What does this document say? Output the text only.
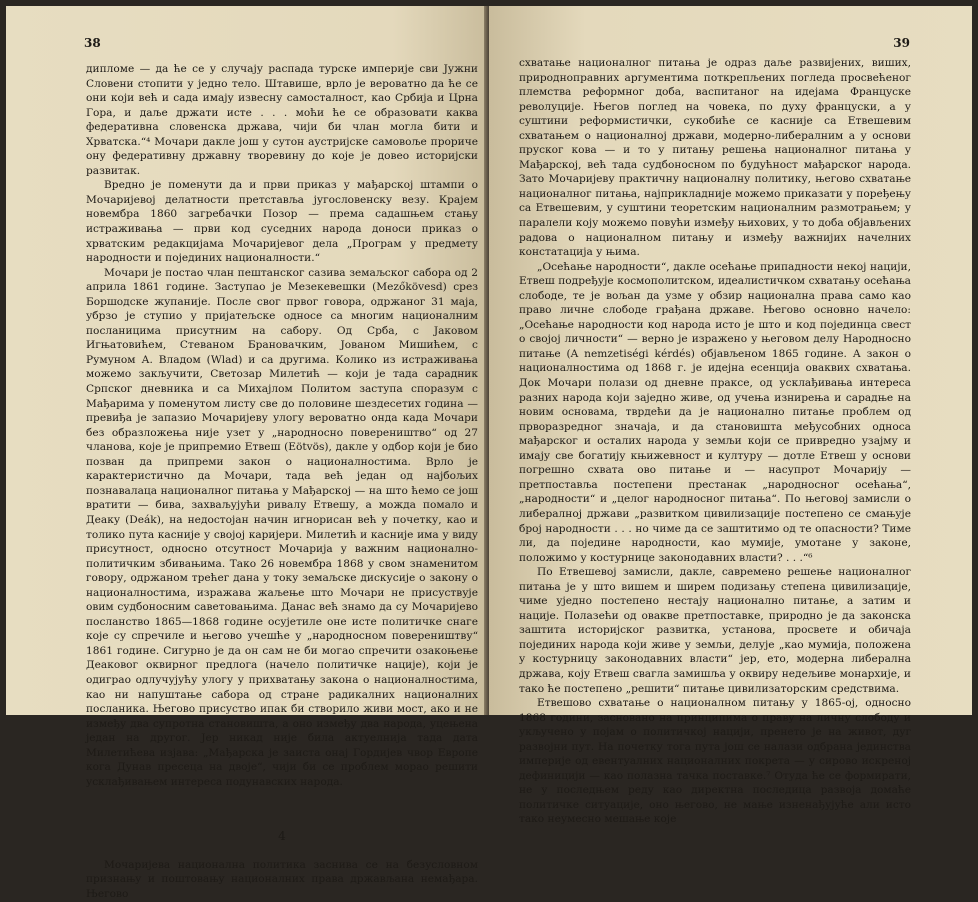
38

дипломе — да ће се у случају распада турске империје сви Јужни Словени стопити у једно тело. Штавише, врло је вероватно да ће се они који већ и сада имају извесну самосталност, као Србија и Црна Гора, и даље држати исте . . . моћи ће се образовати каква федеративна словенска држава, чији би члан могла бити и Хрватска.“⁴ Мочари дакле још у сутон аустријске самовоље прориче ону федеративну државну творевину до које је довео историјски развитак.

Вредно је поменути да и први приказ у мађарској штампи о Мочаријевој делатности претставља југословенску везу. Крајем новембра 1860 загребачки Позор — према садашњем стању истраживања — први код суседних народа доноси приказ о хрватским редакцијама Мочаријевог дела „Програм у предмету народности и појединих националности.“

Мочари је постао члан пештанског сазива земаљског сабора од 2 априла 1861 године. Заступао је Мезекевешки (Mezőkövesd) срез Боршодске жупаније. После свог првог говора, одржаног 31 маја, убрзо је ступио у пријатељске односе са многим националним посланицима присутним на сабору. Од Срба, с Јаковом Игњатовићем, Стеваном Брановачким, Јованом Мишићем, с Румуном А. Владом (Wlad) и са другима. Колико из истраживања можемо закључити, Светозар Милетић — који је тада сарадник Српског дневника и са Михајлом Политом заступа споразум с Мађарима у поменутом листу све до половине шездесетих година — превиђа је запазио Мочаријеву улогу вероватно онда када Мочари без образложења није узет у „народносно повереништво“ од 27 чланова, које је припремио Етвеш (Eötvös), дакле у одбор који је био позван да припреми закон о националностима. Врло је карактеристично да Мочари, тада већ један од најбољих познавалаца националног питања у Мађарској — на што ћемо се још вратити — бива, захваљујући ривалу Етвешу, а можда помало и Деаку (Deák), на недостојан начин игнорисан већ у почетку, као и толико пута касније у својој каријери. Милетић и касније има у виду присутност, односно отсутност Мочарија у важним национално-политичким збивањима. Тако 26 новембра 1868 у свом знаменитом говору, одржаном трећег дана у току земаљске дискусије о закону о националностима, изражава жаљење што Мочари не присуствује овим судбоносним саветовањима. Данас већ знамо да су Мочаријево посланство 1865—1868 године осујетиле оне исте политичке снаге које су спречиле и његово учешће у „народносном повереништву“ 1861 године. Сигурно је да он сам не би могао спречити озакоњење Деаковог оквирног предлога (начело политичке нације), који је одиграо одлучујућу улогу у прихватању закона о националностима, као ни напуштање сабора од стране радикалних националних посланика. Његово присуство ипак би створило живи мост, ако и не између два супротна становишта, а оно између два народа, уцењена један на другог. Јер никад није била актуелнија тада дата Милетићева изјава: „Мађарска је заиста онај Гордијев чвор Европе кога Дунав пресеца на двоје“, чији би се проблем морао решити усклађивањем интереса подунавских народа.

4

Мочаријева национална политика заснива се на безусловном признању и поштовању националних права држављана немађара. Његово

39

схватање националног питања је одраз даље развијених, виших, природноправних аргументима поткрепљених погледа просвећеног племства реформног доба, васпитаног на идејама Француске револуције. Његов поглед на човека, по духу француски, а у суштини реформистички, сукобиће се касније са Етвешевим схватањем о националној држави, модерно-либералним а у основи пруског кова — и то у питању решења националног питања у Мађарској, већ тада судбоносном по будућност мађарског народа. Зато Мочаријеву практичну националну политику, његово схватање националног питања, најприкладније можемо приказати у поређењу са Етвешевим, у суштини теоретским националним размотрањем; у паралели коју можемо повући између њихових, у то доба објављених радова о националном питању и између важнијих начелних констатација у њима.

„Осећање народности“, дакле осећање припадности некој нацији, Етвеш подређује космополитском, идеалистичком схватању осећања слободе, те је вољан да узме у обзир национална права само као право личне слободе грађана државе. Његово основно начело: „Осећање народности код народа исто је што и код појединца свест о својој личности“ — верно је изражено у његовом делу Народносно питање (A nemzetiségi kérdés) објављеном 1865 године. А закон о националностима од 1868 г. је идејна есенција оваквих схватања. Док Мочари полази од дневне праксе, од усклађивања интереса разних народа који заједно живе, од учења изнирења и сарадње на новим основама, тврдећи да је национално питање проблем од прворазредног значаја, и да становишта међусобних односа мађарског и осталих народа у земљи који се привредно узајму и имају све богатију књижевност и културу — дотле Етвеш у основи погрешно схвата ово питање и — насупрот Мочарију — претпоставља постепени престанак „народносног осећања“, „народности“ и „целог народносног питања“. По његовој замисли о либералној држави „развитком цивилизације постепено се смањује број народности . . . но чиме да се заштитимо од те опасности? Тиме ли, да поједине народности, као мумије, умотане у законе, положимо у костурнице законодавних власти? . . .“⁶

По Етвешевој замисли, дакле, савремено решење националног питања је у што вишем и ширем подизању степена цивилизације, чиме уједно постепено нестају национално питање, а затим и нације. Полазећи од овакве претпоставке, природно је да законска заштита историјског развитка, установа, просвете и обичаја појединих народа који живе у земљи, делује „као мумија, положена у костурницу законодавних власти“ јер, ето, модерна либерална држава, коју Етвеш сваглa замишља у оквиру недељиве монархије, и тако ће постепено „решити“ питање цивилизаторским средствима.

Етвешово схватање о националном питању у 1865-ој, односно 1868 години, засновано на принципима о праву на личну слободу и укључено у појам о политичкој нацији, пренето је на живот, дуг развојни пут. На почетку тога пута још се налази одбрана јединства империје од евентуалних националних покрета — у сирово искреној дефиницији — као полазна тачка поставке.⁷ Отуда ће се формирати, не у последњем реду као директна последица развоја домаће политичке ситуације, оно његово, не мање изненађујуће али исто тако неумесно мешање које
